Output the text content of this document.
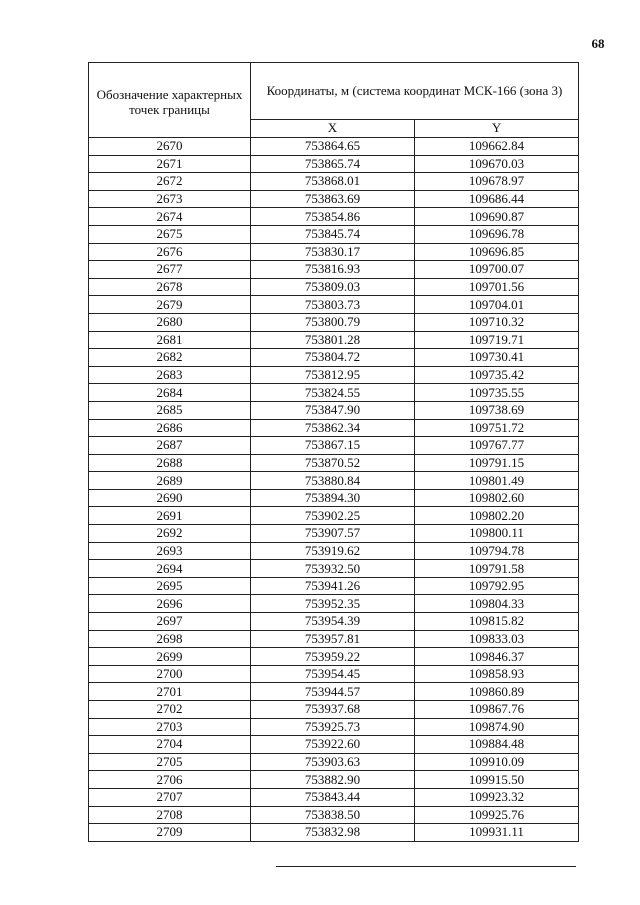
68
Обозначение характерных точек границы	Координаты, м (система координат МСК-166 (зона 3)	
	X	Y
2670	753864.65	109662.84
2671	753865.74	109670.03
2672	753868.01	109678.97
2673	753863.69	109686.44
2674	753854.86	109690.87
2675	753845.74	109696.78
2676	753830.17	109696.85
2677	753816.93	109700.07
2678	753809.03	109701.56
2679	753803.73	109704.01
2680	753800.79	109710.32
2681	753801.28	109719.71
2682	753804.72	109730.41
2683	753812.95	109735.42
2684	753824.55	109735.55
2685	753847.90	109738.69
2686	753862.34	109751.72
2687	753867.15	109767.77
2688	753870.52	109791.15
2689	753880.84	109801.49
2690	753894.30	109802.60
2691	753902.25	109802.20
2692	753907.57	109800.11
2693	753919.62	109794.78
2694	753932.50	109791.58
2695	753941.26	109792.95
2696	753952.35	109804.33
2697	753954.39	109815.82
2698	753957.81	109833.03
2699	753959.22	109846.37
2700	753954.45	109858.93
2701	753944.57	109860.89
2702	753937.68	109867.76
2703	753925.73	109874.90
2704	753922.60	109884.48
2705	753903.63	109910.09
2706	753882.90	109915.50
2707	753843.44	109923.32
2708	753838.50	109925.76
2709	753832.98	109931.11
